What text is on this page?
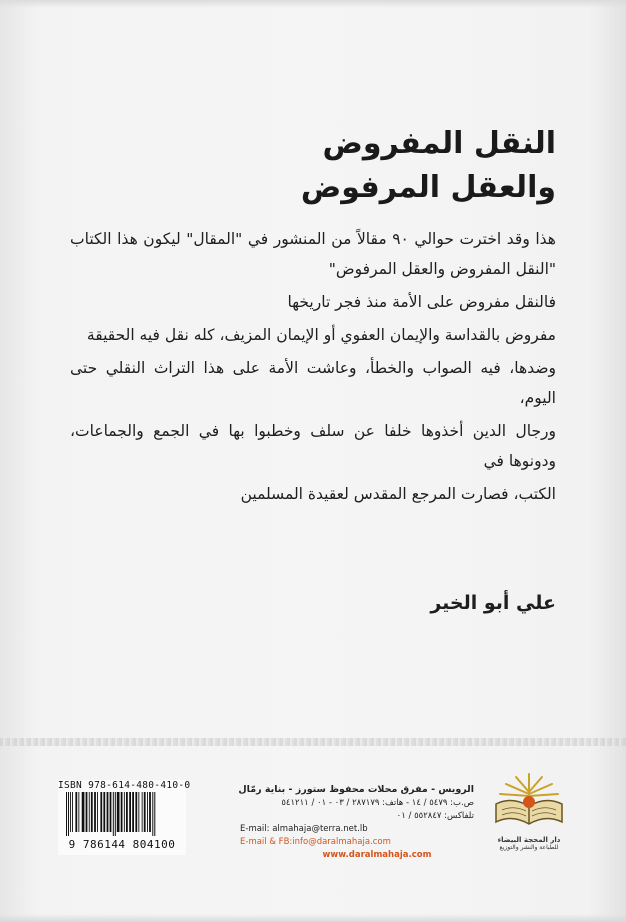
النقل المفروض
والعقل المرفوض

هذا وقد اخترت حوالي ٩٠ مقالاً من المنشور في "المقال" ليكون هذا الكتاب "النقل المفروض والعقل المرفوض"

فالنقل مفروض على الأمة منذ فجر تاريخها

مفروض بالقداسة والإيمان العفوي أو الإيمان المزيف، كله نقل فيه الحقيقة

وضدها، فيه الصواب والخطأ، وعاشت الأمة على هذا التراث النقلي حتى اليوم،

ورجال الدين أخذوها خلفا عن سلف وخطبوا بها في الجمع والجماعات، ودونوها في

الكتب، فصارت المرجع المقدس لعقيدة المسلمين

علي أبو الخير
ISBN 978-614-480-410-0
9 786144 804100
الرويس - مفرق محلات محفوظ ستورز - بناية رمّال
ص.ب: ٥٤٧٩ / ١٤ - هاتف: ٢٨٧١٧٩ / ٠٣ - ٠١ / ٥٤١٢١١
تلفاكس: ٥٥٢٨٤٧ / ٠١
E-mail: almahaja@terra.net.lb
E-mail & FB:info@daralmahaja.com
www.daralmahaja.com
دار المحجة البيضاء
للطباعة والنشر والتوزيع
